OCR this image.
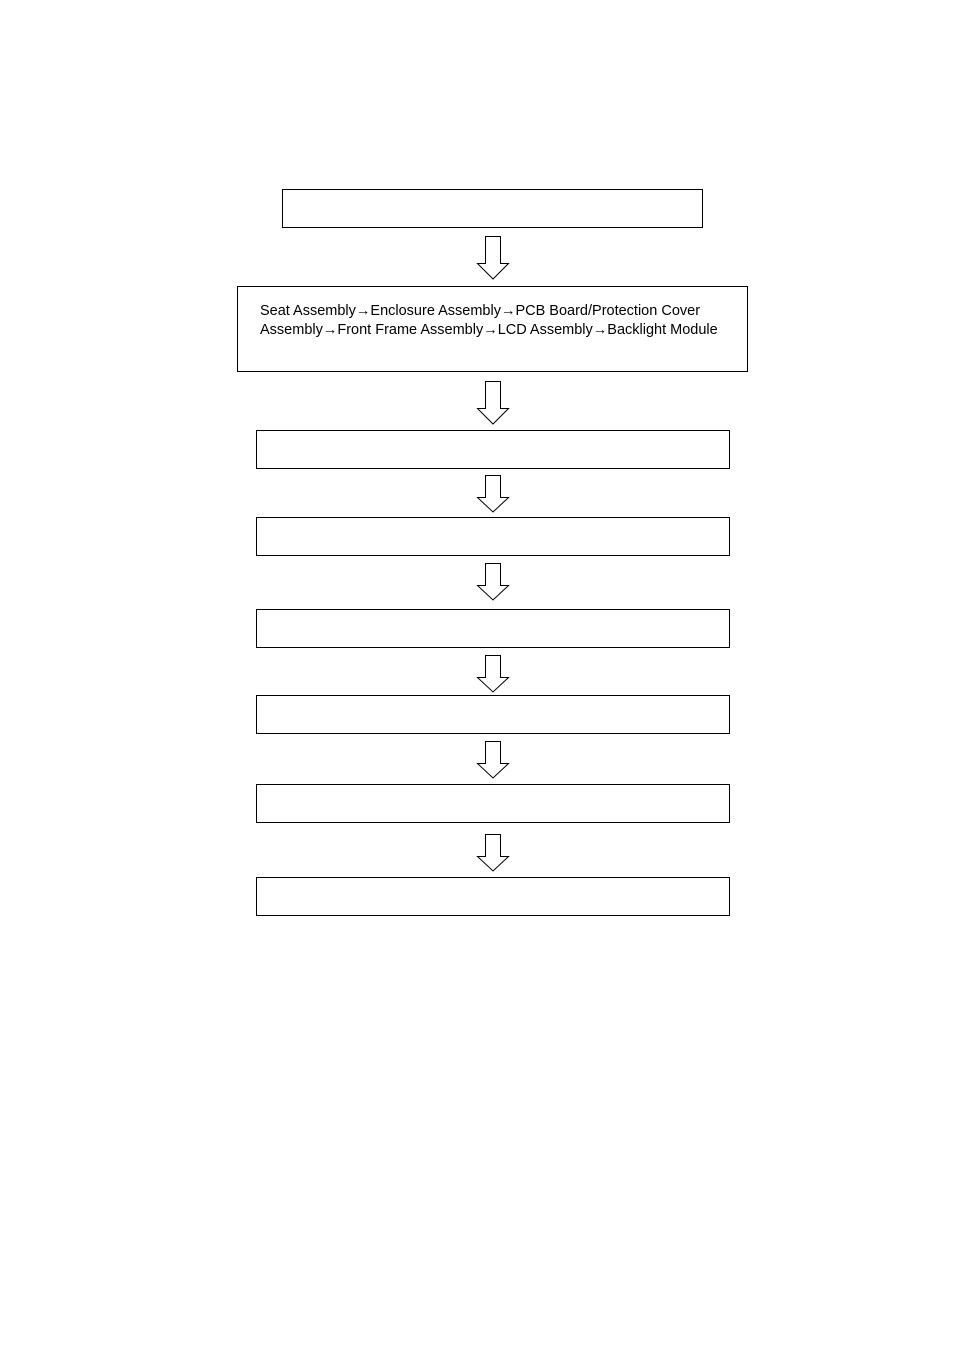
Seat Assembly→Enclosure Assembly→PCB Board/Protection Cover Assembly→Front Frame Assembly→LCD Assembly→Backlight Module
